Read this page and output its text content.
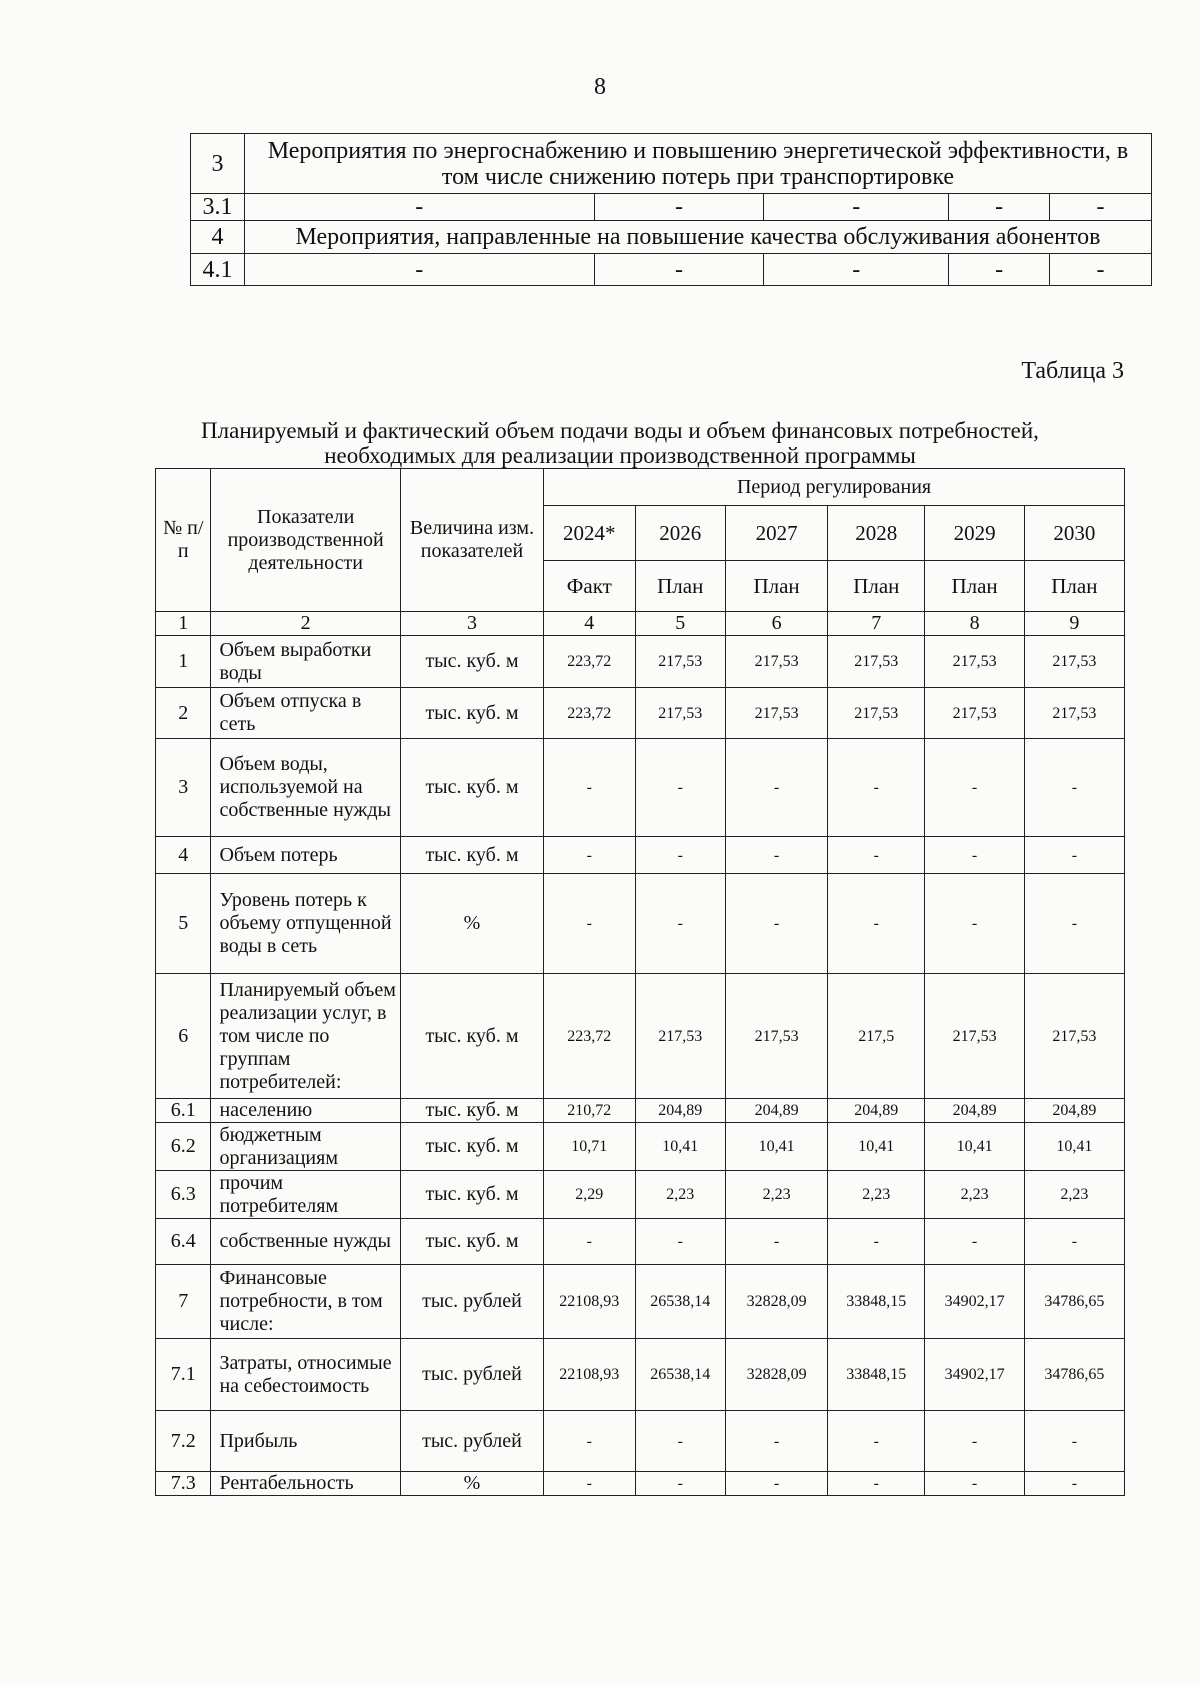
8
3	Мероприятия по энергоснабжению и повышению энергетической эффективности, в том числе снижению потерь при транспортировке				
3.1	-	-	-	-	-
4	Мероприятия, направленные на повышение качества обслуживания абонентов				
4.1	-	-	-	-	-
Таблица 3
Планируемый и фактический объем подачи воды и объем финансовых потребностей, необходимых для реализации производственной программы
№ п/п	Показатели производственной деятельности	Величина изм. показателей	Период регулирования					
			2024*	2026	2027	2028	2029	2030
			Факт	План	План	План	План	План
1	2	3	4	5	6	7	8	9
1	Объем выработки воды	тыс. куб. м	223,72	217,53	217,53	217,53	217,53	217,53
2	Объем отпуска в сеть	тыс. куб. м	223,72	217,53	217,53	217,53	217,53	217,53
3	Объем воды, используемой на собственные нужды	тыс. куб. м	-	-	-	-	-	-
4	Объем потерь	тыс. куб. м	-	-	-	-	-	-
5	Уровень потерь к объему отпущенной воды в сеть	%	-	-	-	-	-	-
6	Планируемый объем реализации услуг, в том числе по группам потребителей:	тыс. куб. м	223,72	217,53	217,53	217,5	217,53	217,53
6.1	населению	тыс. куб. м	210,72	204,89	204,89	204,89	204,89	204,89
6.2	бюджетным организациям	тыс. куб. м	10,71	10,41	10,41	10,41	10,41	10,41
6.3	прочим потребителям	тыс. куб. м	2,29	2,23	2,23	2,23	2,23	2,23
6.4	собственные нужды	тыс. куб. м	-	-	-	-	-	-
7	Финансовые потребности, в том числе:	тыс. рублей	22108,93	26538,14	32828,09	33848,15	34902,17	34786,65
7.1	Затраты, относимые на себестоимость	тыс. рублей	22108,93	26538,14	32828,09	33848,15	34902,17	34786,65
7.2	Прибыль	тыс. рублей	-	-	-	-	-	-
7.3	Рентабельность	%	-	-	-	-	-	-
